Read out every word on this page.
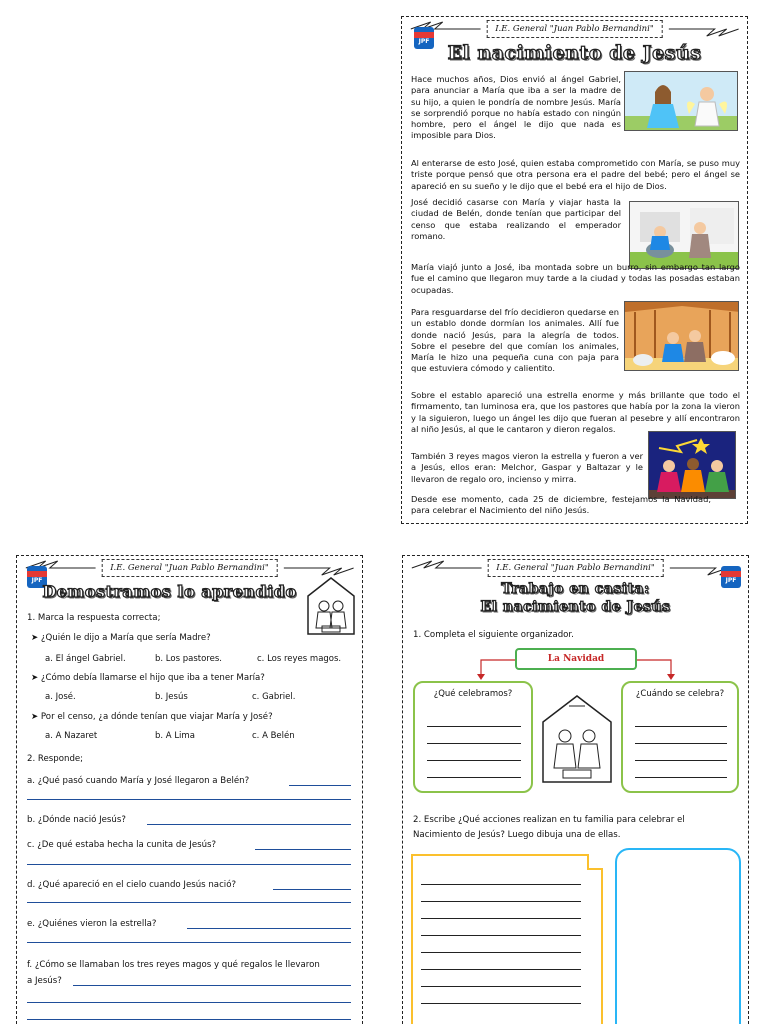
I.E. General "Juan Pablo Bernandini"
JPF
El nacimiento de Jesús
Hace muchos años, Dios envió al ángel Gabriel, para anunciar a María que iba a ser la madre de su hijo, a quien le pondría de nombre Jesús. María se sorprendió porque no había estado con ningún hombre, pero el ángel le dijo que nada es imposible para Dios.
Al enterarse de esto José, quien estaba comprometido con María, se puso muy triste porque pensó que otra persona era el padre del bebé; pero el ángel se apareció en su sueño y le dijo que el bebé era el hijo de Dios.
José decidió casarse con María y viajar hasta la ciudad de Belén, donde tenían que participar del censo que estaba realizando el emperador romano.
María viajó junto a José, iba montada sobre un burro, sin embargo tan largo fue el camino que llegaron muy tarde a la ciudad y todas las posadas estaban ocupadas.
Para resguardarse del frío decidieron quedarse en un establo donde dormían los animales. Allí fue donde nació Jesús, para la alegría de todos. Sobre el pesebre del que comían los animales, María le hizo una pequeña cuna con paja para que estuviera cómodo y calientito.
Sobre el establo apareció una estrella enorme y más brillante que todo el firmamento, tan luminosa era, que los pastores que había por la zona la vieron y la siguieron, luego un ángel les dijo que fueran al pesebre y allí encontraron al niño Jesús, al que le cantaron y dieron regalos.
También 3 reyes magos vieron la estrella y fueron a ver a Jesús, ellos eran: Melchor, Gaspar y Baltazar y le llevaron de regalo oro, incienso y mirra.
Desde ese momento, cada 25 de diciembre, festejamos la Navidad, para celebrar el Nacimiento del niño Jesús.
I.E. General "Juan Pablo Bernandini"
JPF
Demostramos lo aprendido
1. Marca la respuesta correcta;
➤ ¿Quién le dijo a María que sería Madre?
a. El ángel Gabriel.	b. Los pastores.	c. Los reyes magos.
➤ ¿Cómo debía llamarse el hijo que iba a tener María?
a. José.	b. Jesús	c. Gabriel.
➤ Por el censo, ¿a dónde tenían que viajar María y José?
a. A Nazaret	b. A Lima	c. A Belén
2. Responde;
a. ¿Qué pasó cuando María y José llegaron a Belén?
b. ¿Dónde nació Jesús?
c. ¿De qué estaba hecha la cunita de Jesús?
d. ¿Qué apareció en el cielo cuando Jesús nació?
e. ¿Quiénes vieron la estrella?
f. ¿Cómo se llamaban los tres reyes magos y qué regalos le llevaron
a Jesús?
I.E. General "Juan Pablo Bernandini"
JPF
Trabajo en casita:
El nacimiento de Jesús
1. Completa el siguiente organizador.
La Navidad
¿Qué celebramos?	¿Cuándo se celebra?
2. Escribe ¿Qué acciones realizan en tu familia para celebrar el
Nacimiento de Jesús? Luego dibuja una de ellas.
